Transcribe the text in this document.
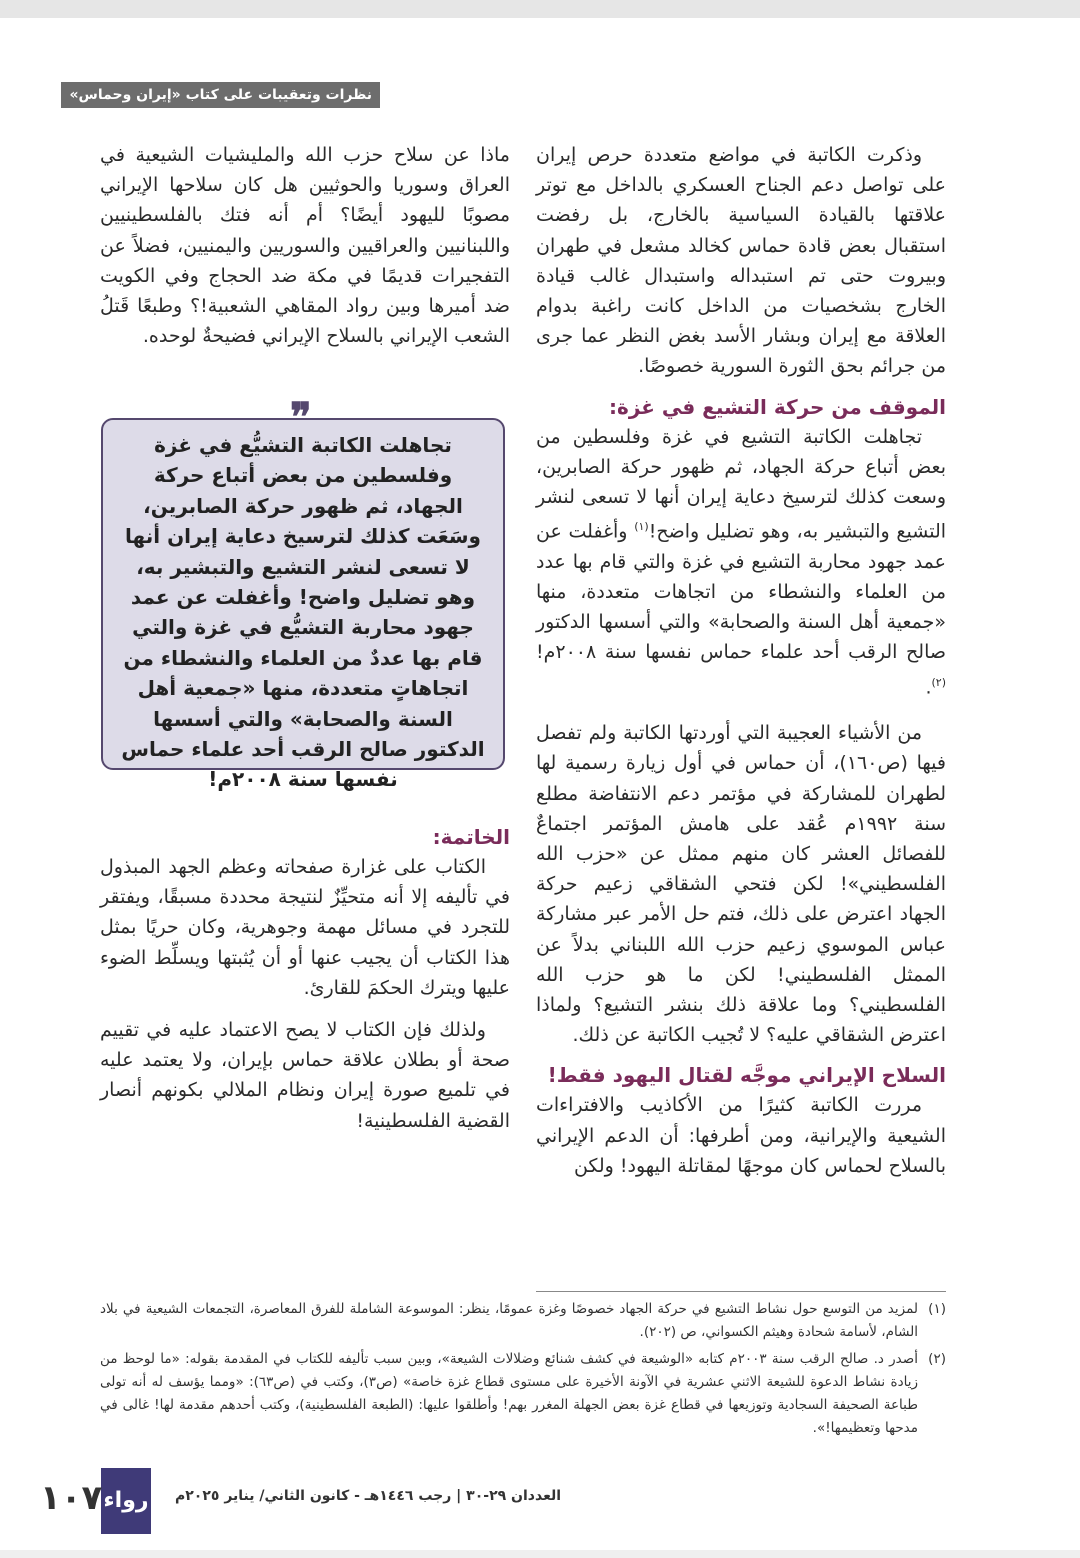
نظرات وتعقيبات على كتاب «إيران وحماس»

وذكرت الكاتبة في مواضع متعددة حرص إيران على تواصل دعم الجناح العسكري بالداخل مع توتر علاقتها بالقيادة السياسية بالخارج، بل رفضت استقبال بعض قادة حماس كخالد مشعل في طهران وبيروت حتى تم استبداله واستبدال غالب قيادة الخارج بشخصيات من الداخل كانت راغبة بدوام العلاقة مع إيران وبشار الأسد بغض النظر عما جرى من جرائم بحق الثورة السورية خصوصًا.

الموقف من حركة التشيع في غزة:

تجاهلت الكاتبة التشيع في غزة وفلسطين من بعض أتباع حركة الجهاد، ثم ظهور حركة الصابرين، وسعت كذلك لترسيخ دعاية إيران أنها لا تسعى لنشر التشيع والتبشير به، وهو تضليل واضح!$^{(١)}$ وأغفلت عن عمد جهود محاربة التشيع في غزة والتي قام بها عدد من العلماء والنشطاء من اتجاهات متعددة، منها «جمعية أهل السنة والصحابة» والتي أسسها الدكتور صالح الرقب أحد علماء حماس نفسها سنة ٢٠٠٨م!$^{(٢)}$.

من الأشياء العجيبة التي أوردتها الكاتبة ولم تفصل فيها (ص١٦٠)، أن حماس في أول زيارة رسمية لها لطهران للمشاركة في مؤتمر دعم الانتفاضة مطلع سنة ١٩٩٢م عُقد على هامش المؤتمر اجتماعٌ للفصائل العشر كان منهم ممثل عن «حزب الله الفلسطيني»! لكن فتحي الشقاقي زعيم حركة الجهاد اعترض على ذلك، فتم حل الأمر عبر مشاركة عباس الموسوي زعيم حزب الله اللبناني بدلاً عن الممثل الفلسطيني! لكن ما هو حزب الله الفلسطيني؟ وما علاقة ذلك بنشر التشيع؟ ولماذا اعترض الشقاقي عليه؟ لا تُجيب الكاتبة عن ذلك.

السلاح الإيراني موجَّه لقتال اليهود فقط!

مررت الكاتبة كثيرًا من الأكاذيب والافتراءات الشيعية والإيرانية، ومن أطرفها: أن الدعم الإيراني بالسلاح لحماس كان موجهًا لمقاتلة اليهود! ولكن

ماذا عن سلاح حزب الله والمليشيات الشيعية في العراق وسوريا والحوثيين هل كان سلاحها الإيراني مصوبًا لليهود أيضًا؟ أم أنه فتك بالفلسطينيين واللبنانيين والعراقيين والسوريين واليمنيين، فضلاً عن التفجيرات قديمًا في مكة ضد الحجاج وفي الكويت ضد أميرها وبين رواد المقاهي الشعبية!؟ وطبعًا قَتلُ الشعب الإيراني بالسلاح الإيراني فضيحةٌ لوحده.

تجاهلت الكاتبة التشيُّع في غزة وفلسطين من بعض أتباع حركة الجهاد، ثم ظهور حركة الصابرين، وسَعَت كذلك لترسيخ دعاية إيران أنها لا تسعى لنشر التشيع والتبشير به، وهو تضليل واضح! وأغفلت عن عمد جهود محاربة التشيُّع في غزة والتي قام بها عددٌ من العلماء والنشطاء من اتجاهاتٍ متعددة، منها «جمعية أهل السنة والصحابة» والتي أسسها الدكتور صالح الرقب أحد علماء حماس نفسها سنة ٢٠٠٨م!

الخاتمة:

الكتاب على غزارة صفحاته وعظم الجهد المبذول في تأليفه إلا أنه متحيِّزٌ لنتيجة محددة مسبقًا، ويفتقر للتجرد في مسائل مهمة وجوهرية، وكان حريًا بمثل هذا الكتاب أن يجيب عنها أو أن يُثبتها ويسلِّط الضوء عليها ويترك الحكمَ للقارئ.

ولذلك فإن الكتاب لا يصح الاعتماد عليه في تقييم صحة أو بطلان علاقة حماس بإيران، ولا يعتمد عليه في تلميع صورة إيران ونظام الملالي بكونهم أنصار القضية الفلسطينية!

(١)
لمزيد من التوسع حول نشاط التشيع في حركة الجهاد خصوصًا وغزة عمومًا، ينظر: الموسوعة الشاملة للفرق المعاصرة، التجمعات الشيعية في بلاد الشام، لأسامة شحادة وهيثم الكسواني، ص (٢٠٢).

(٢)
أصدر د. صالح الرقب سنة ٢٠٠٣م كتابه «الوشيعة في كشف شنائع وضلالات الشيعة»، وبين سبب تأليفه للكتاب في المقدمة بقوله: «ما لوحظ من زيادة نشاط الدعوة للشيعة الاثني عشرية في الآونة الأخيرة على مستوى قطاع غزة خاصة» (ص٣)، وكتب في (ص٦٣): «ومما يؤسف له أنه تولى طباعة الصحيفة السجادية وتوزيعها في قطاع غزة بعض الجهلة المغرر بهم! وأطلقوا عليها: (الطبعة الفلسطينية)، وكتب أحدهم مقدمة لها! غالى في مدحها وتعظيمها!».

العددان ٢٩-٣٠ | رجب ١٤٤٦هـ - كانون الثاني/ يناير ٢٠٢٥م
رواء
١٠٧
